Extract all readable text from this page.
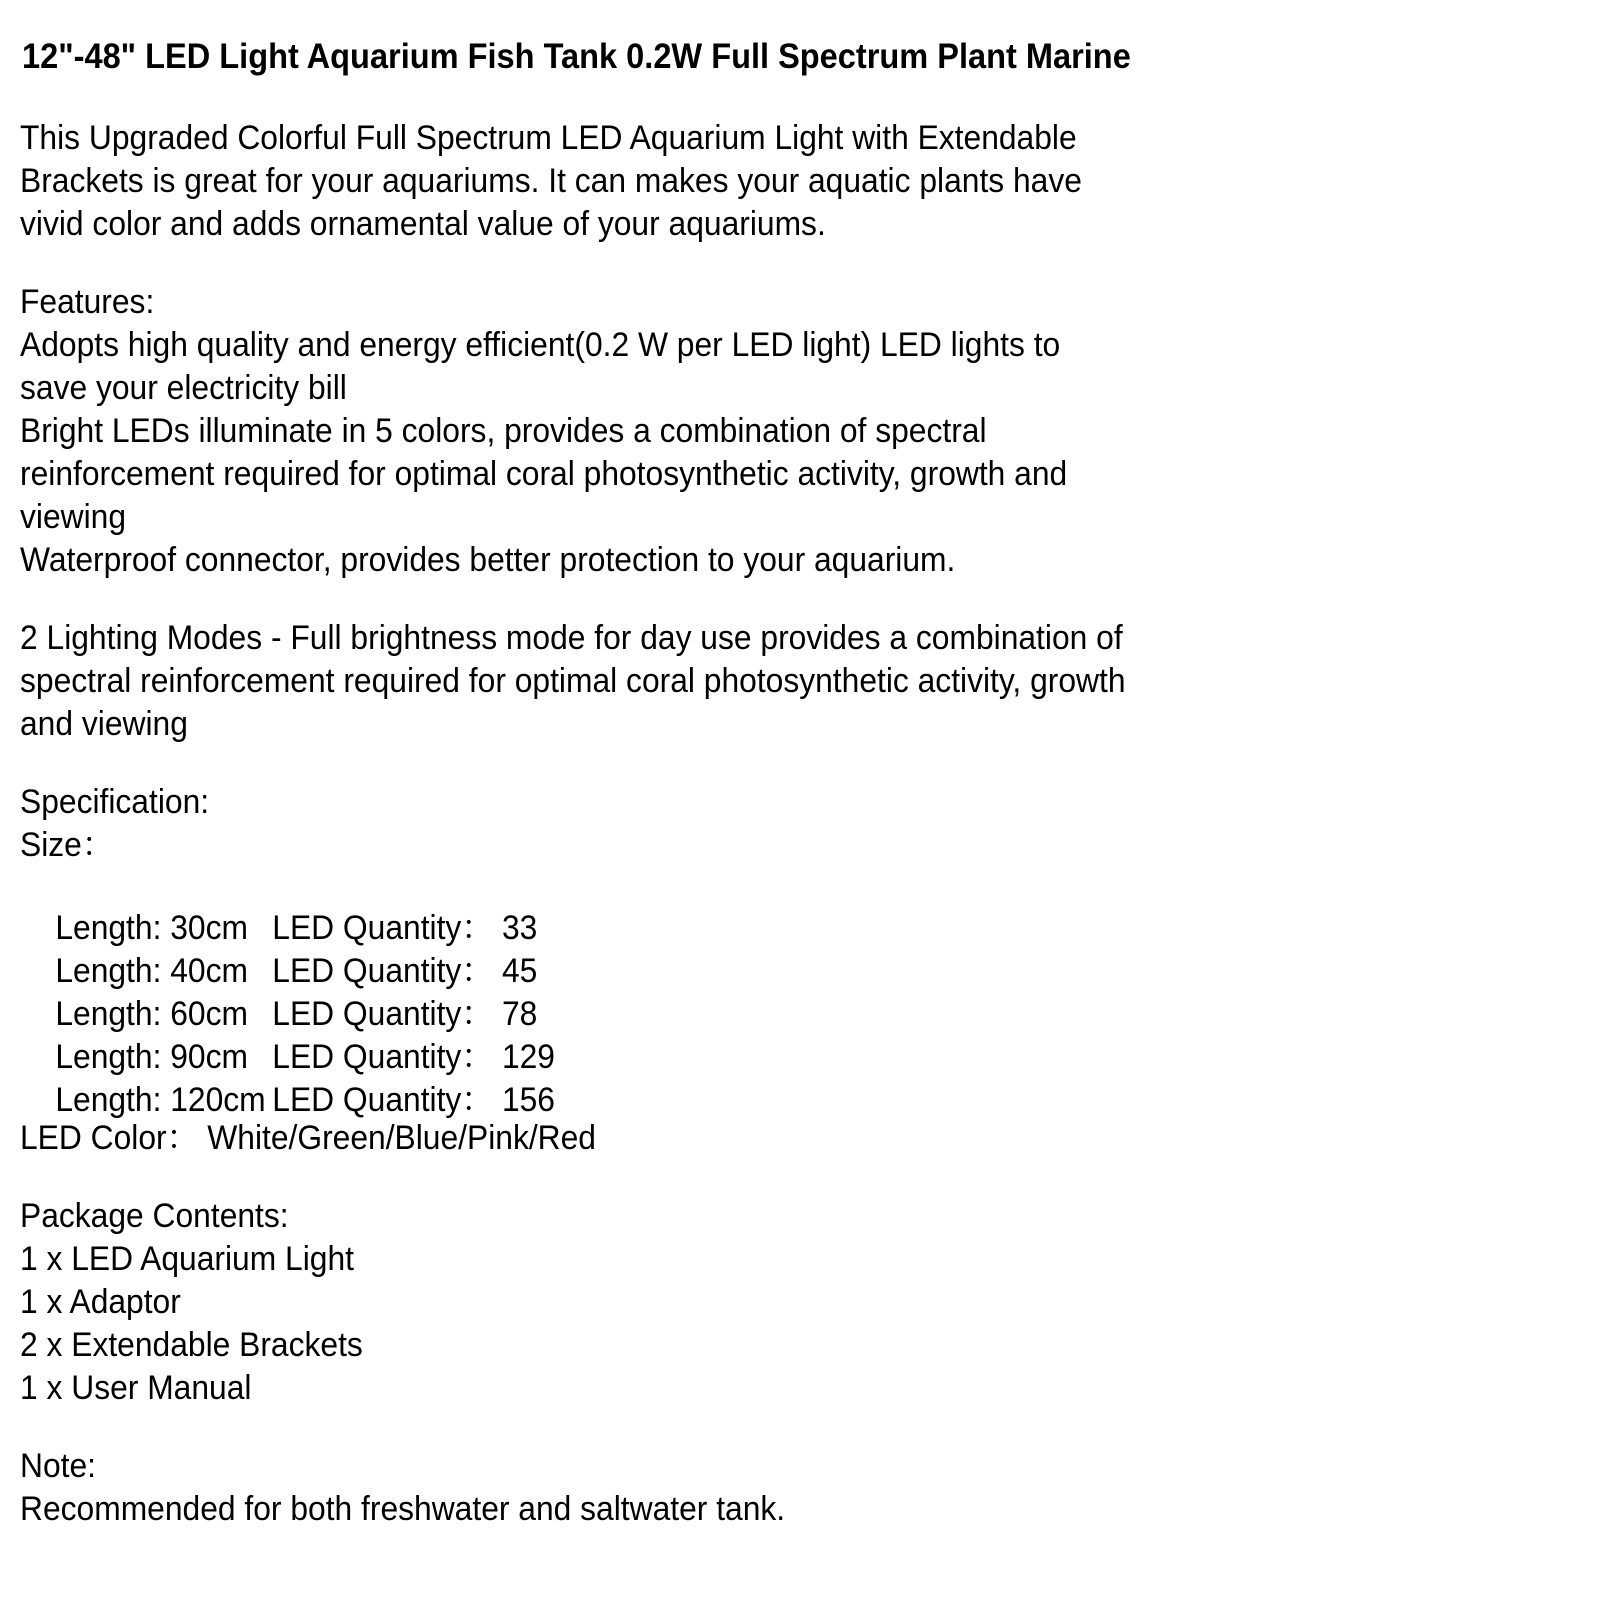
12"-48" LED Light Aquarium Fish Tank 0.2W Full Spectrum Plant Marine
This Upgraded Colorful Full Spectrum LED Aquarium Light with Extendable
Brackets is great for your aquariums. It can makes your aquatic plants have
vivid color and adds ornamental value of your aquariums.
Features:
Adopts high quality and energy efficient(0.2 W per LED light) LED lights to
save your electricity bill
Bright LEDs illuminate in 5 colors, provides a combination of spectral
reinforcement required for optimal coral photosynthetic activity, growth and
viewing
Waterproof connector, provides better protection to your aquarium.
2 Lighting Modes - Full brightness mode for day use provides a combination of
spectral reinforcement required for optimal coral photosynthetic activity, growth
and viewing
Specification:
Size：

Length: 30cm LED Quantity： 33

Length: 40cm LED Quantity： 45

Length: 60cm LED Quantity： 78

Length: 90cm LED Quantity： 129

Length: 120cm LED Quantity： 156

LED Color： White/Green/Blue/Pink/Red
Package Contents:
1 x LED Aquarium Light
1 x Adaptor
2 x Extendable Brackets
1 x User Manual
Note:
Recommended for both freshwater and saltwater tank.
